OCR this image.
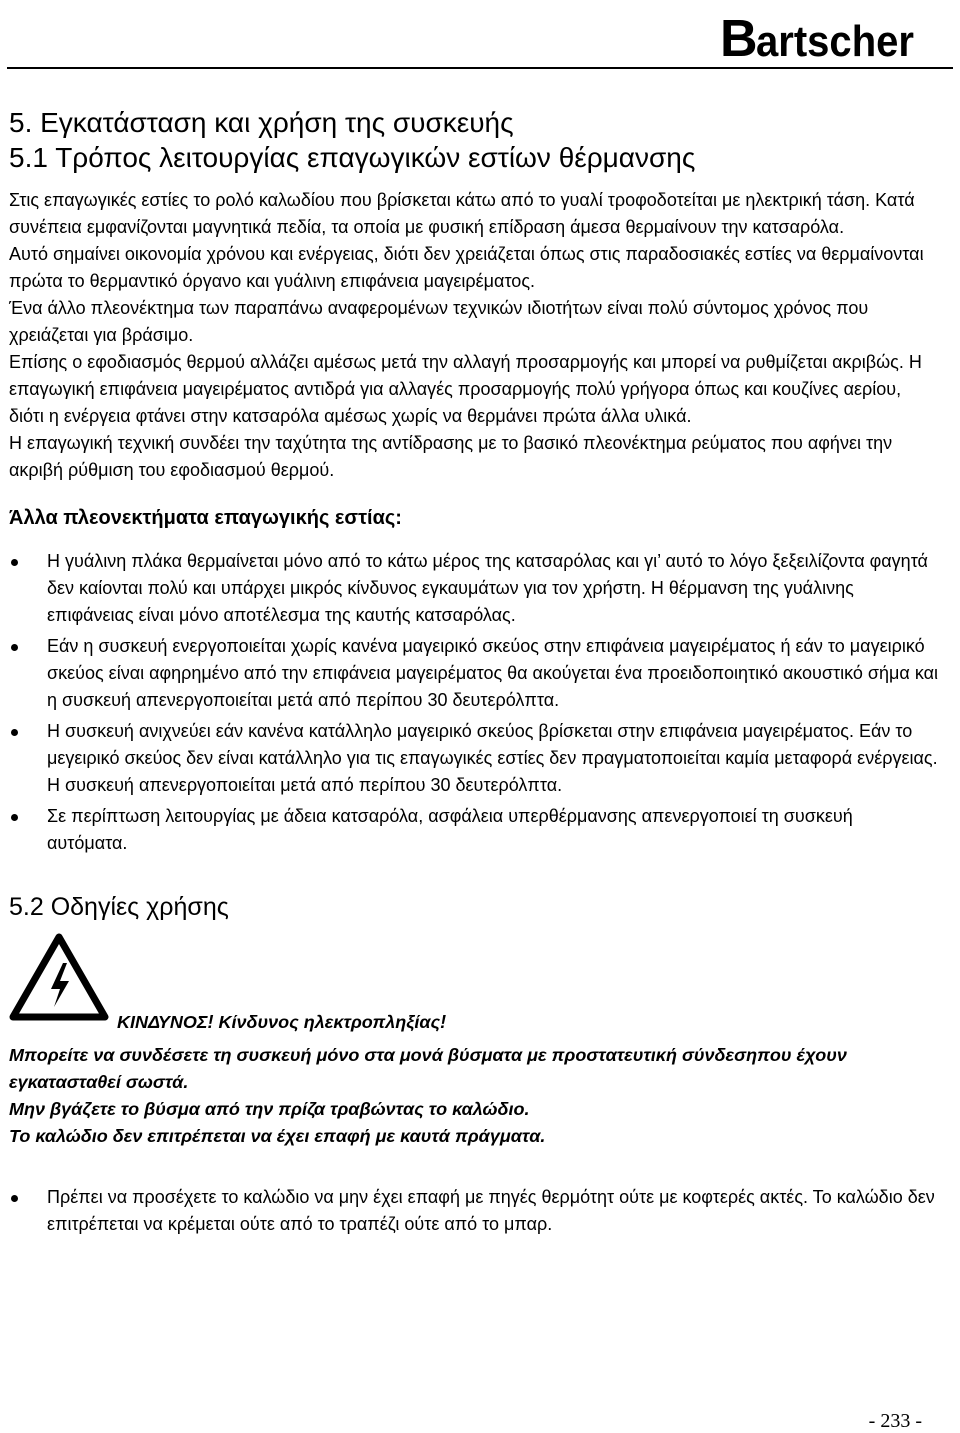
B
artscher
5. Εγκατάσταση και χρήση της συσκευής
5.1 Τρόπος λειτουργίας επαγωγικών εστίων θέρμανσης

Στις επαγωγικές εστίες το ρολό καλωδίου που βρίσκεται κάτω από το γυαλί τροφοδοτείται με ηλεκτρική τάση. Κατά συνέπεια εμφανίζονται μαγνητικά πεδία, τα οποία με φυσική επίδραση άμεσα θερμαίνουν την κατσαρόλα.

Αυτό σημαίνει οικονομία χρόνου και ενέργειας, διότι δεν χρειάζεται όπως στις παραδοσιακές εστίες να θερμαίνονται πρώτα το θερμαντικό όργανο και γυάλινη επιφάνεια μαγειρέματος.

Ένα άλλο πλεονέκτημα των παραπάνω αναφερομένων τεχνικών ιδιοτήτων είναι πολύ σύντομος χρόνος που χρειάζεται για βράσιμο.

Επίσης ο εφοδιασμός θερμού αλλάζει αμέσως μετά την αλλαγή προσαρμογής και μπορεί να ρυθμίζεται ακριβώς. Η επαγωγική επιφάνεια μαγειρέματος αντιδρά για αλλαγές προσαρμογής πολύ γρήγορα όπως και κουζίνες αερίου, διότι η ενέργεια φτάνει στην κατσαρόλα αμέσως χωρίς να θερμάνει πρώτα άλλα υλικά.

Η επαγωγική τεχνική συνδέει την ταχύτητα της αντίδρασης με το βασικό πλεονέκτημα ρεύματος που αφήνει την ακριβή ρύθμιση του εφοδιασμού θερμού.

Άλλα πλεονεκτήματα επαγωγικής εστίας:
Η γυάλινη πλάκα θερμαίνεται μόνο από το κάτω μέρος της κατσαρόλας και γι’ αυτό το λόγο ξεξειλίζοντα φαγητά δεν καίονται πολύ και υπάρχει μικρός κίνδυνος εγκαυμάτων για τον χρήστη. Η θέρμανση της γυάλινης επιφάνειας είναι μόνο αποτέλεσμα της καυτής κατσαρόλας.
Εάν η συσκευή ενεργοποιείται χωρίς κανένα μαγειρικό σκεύος στην επιφάνεια μαγειρέματος ή εάν το μαγειρικό σκεύος είναι αφηρημένο από την επιφάνεια μαγειρέματος θα ακούγεται ένα προειδοποιητικό ακουστικό σήμα και η συσκευή απενεργοποιείται μετά από περίπου 30 δευτερόλπτα.
Η συσκευή ανιχνεύει εάν κανένα κατάλληλο μαγειρικό σκεύος βρίσκεται στην επιφάνεια μαγειρέματος. Εάν το μεγειρικό σκεύος δεν είναι κατάλληλο για τις επαγωγικές εστίες δεν πραγματοποιείται καμία μεταφορά ενέργειας. Η συσκευή απενεργοποιείται μετά από περίπου 30 δευτερόλπτα.
Σε περίπτωση λειτουργίας με άδεια κατσαρόλα, ασφάλεια υπερθέρμανσης απενεργοποιεί τη συσκευή αυτόματα.
5.2 Οδηγίες χρήσης
ΚΙΝΔΥΝΟΣ! Κίνδυνος ηλεκτροπληξίας!

Μπορείτε να συνδέσετε τη συσκευή μόνο στα μονά βύσματα με προστατευτική σύνδεσηπου έχουν εγκατασταθεί σωστά.

Μην βγάζετε το βύσμα από την πρίζα τραβώντας το καλώδιο.

Το καλώδιο δεν επιτρέπεται να έχει επαφή με καυτά πράγματα.

Πρέπει να προσέχετε το καλώδιο να μην έχει επαφή με πηγές θερμότητ ούτε με κοφτερές ακτές. Το καλώδιο δεν επιτρέπεται να κρέμεται ούτε από το τραπέζι ούτε από το μπαρ.
- 233 -
